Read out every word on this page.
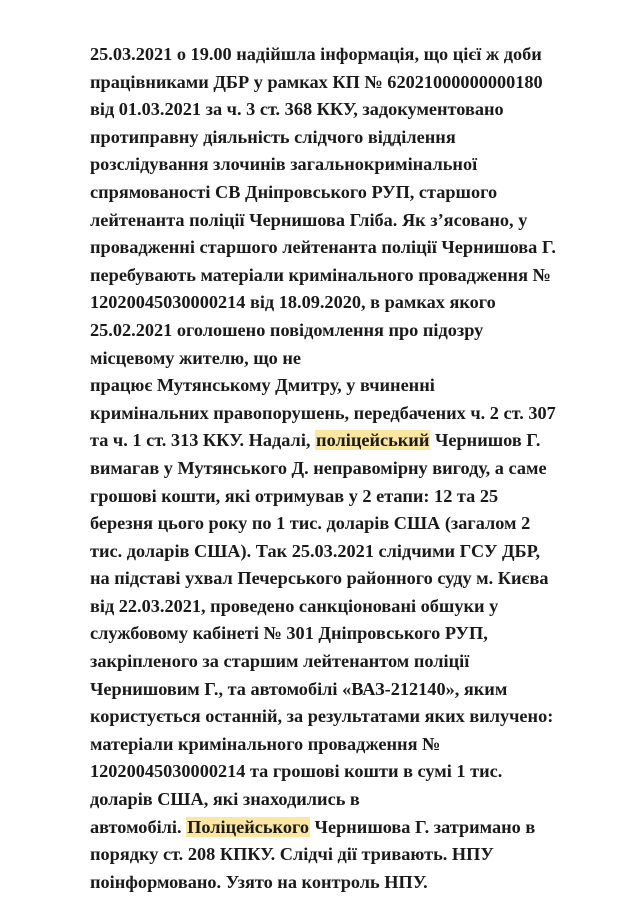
25.03.2021 о 19.00 надійшла інформація, що цієї ж доби
працівниками ДБР у рамках КП № 62021000000000180
від 01.03.2021 за ч. 3 ст. 368 ККУ, задокументовано
протиправну діяльність слідчого відділення
розслідування злочинів загальнокримінальної
спрямованості СВ Дніпровського РУП, старшого
лейтенанта поліції Чернишова Гліба. Як з’ясовано, у
провадженні старшого лейтенанта поліції Чернишова Г.
перебувають матеріали кримінального провадження №
12020045030000214 від 18.09.2020, в рамках якого
25.02.2021 оголошено повідомлення про підозру
місцевому жителю, що не
працює Мутянському Дмитру, у вчиненні
кримінальних правопорушень, передбачених ч. 2 ст. 307
та ч. 1 ст. 313 ККУ. Надалі, поліцейський Чернишов Г.
вимагав у Мутянського Д. неправомірну вигоду, а саме
грошові кошти, які отримував у 2 етапи: 12 та 25
березня цього року по 1 тис. доларів США (загалом 2
тис. доларів США). Так 25.03.2021 слідчими ГСУ ДБР,
на підставі ухвал Печерського районного суду м. Києва
від 22.03.2021, проведено санкціоновані обшуки у
службовому кабінеті № 301 Дніпровського РУП,
закріпленого за старшим лейтенантом поліції
Чернишовим Г., та автомобілі «ВАЗ-212140», яким
користується останній, за результатами яких вилучено:
матеріали кримінального провадження №
12020045030000214 та грошові кошти в сумі 1 тис.
доларів США, які знаходились в
автомобілі. Поліцейського Чернишова Г. затримано в
порядку ст. 208 КПКУ. Слідчі дії тривають. НПУ
поінформовано. Узято на контроль НПУ.
